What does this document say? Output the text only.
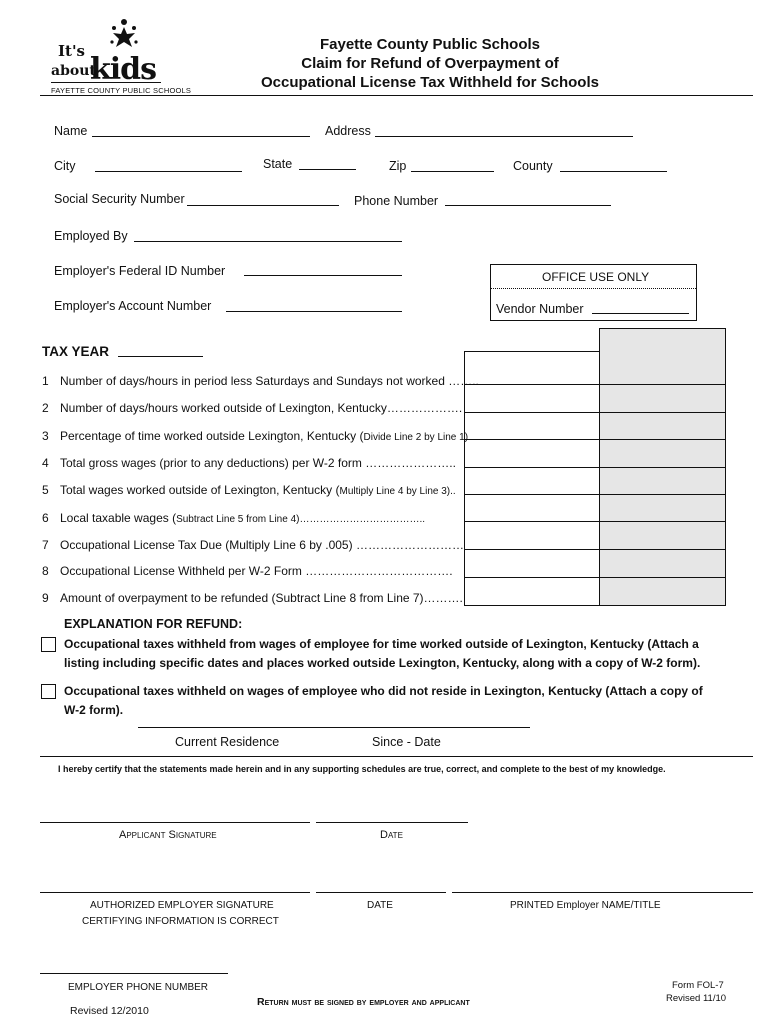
It's
about
kids
FAYETTE COUNTY PUBLIC SCHOOLS
Fayette County Public Schools
Claim for Refund of Overpayment of
Occupational License Tax Withheld for Schools
Name	Address
City	State	Zip	County
Social Security Number	Phone Number
Employed By
Employer's Federal ID Number
Employer's Account Number
OFFICE USE ONLY
Vendor Number
TAX YEAR
1 Number of days/hours in period less Saturdays and Sundays not worked ……..
2 Number of days/hours worked outside of Lexington, Kentucky……………….
3 Percentage of time worked outside Lexington, Kentucky (Divide Line 2 by Line 1)
4 Total gross wages (prior to any deductions) per W-2 form …………………..
5 Total wages worked outside of Lexington, Kentucky (Multiply Line 4 by Line 3)..
6 Local taxable wages (Subtract Line 5 from Line 4)………………………………..
7 Occupational License Tax Due (Multiply Line 6 by .005) ………………………
8 Occupational License Withheld per W-2 Form ……………………………….
9 Amount of overpayment to be refunded (Subtract Line 8 from Line 7)……….
EXPLANATION FOR REFUND:
Occupational taxes withheld from wages of employee for time worked outside of Lexington, Kentucky (Attach a
listing including specific dates and places worked outside Lexington, Kentucky, along with a copy of W-2 form).
Occupational taxes withheld on wages of employee who did not reside in Lexington, Kentucky (Attach a copy of
W-2 form).
Current Residence	Since - Date
I hereby certify that the statements made herein and in any supporting schedules are true, correct, and complete to the best of my knowledge.
Applicant Signature	Date
AUTHORIZED EMPLOYER SIGNATURE
CERTIFYING INFORMATION IS CORRECT
DATE	PRINTED Employer NAME/TITLE
EMPLOYER PHONE NUMBER	Form FOL-7
Revised 11/10
Revised 12/2010
Return must be signed by employer and applicant
